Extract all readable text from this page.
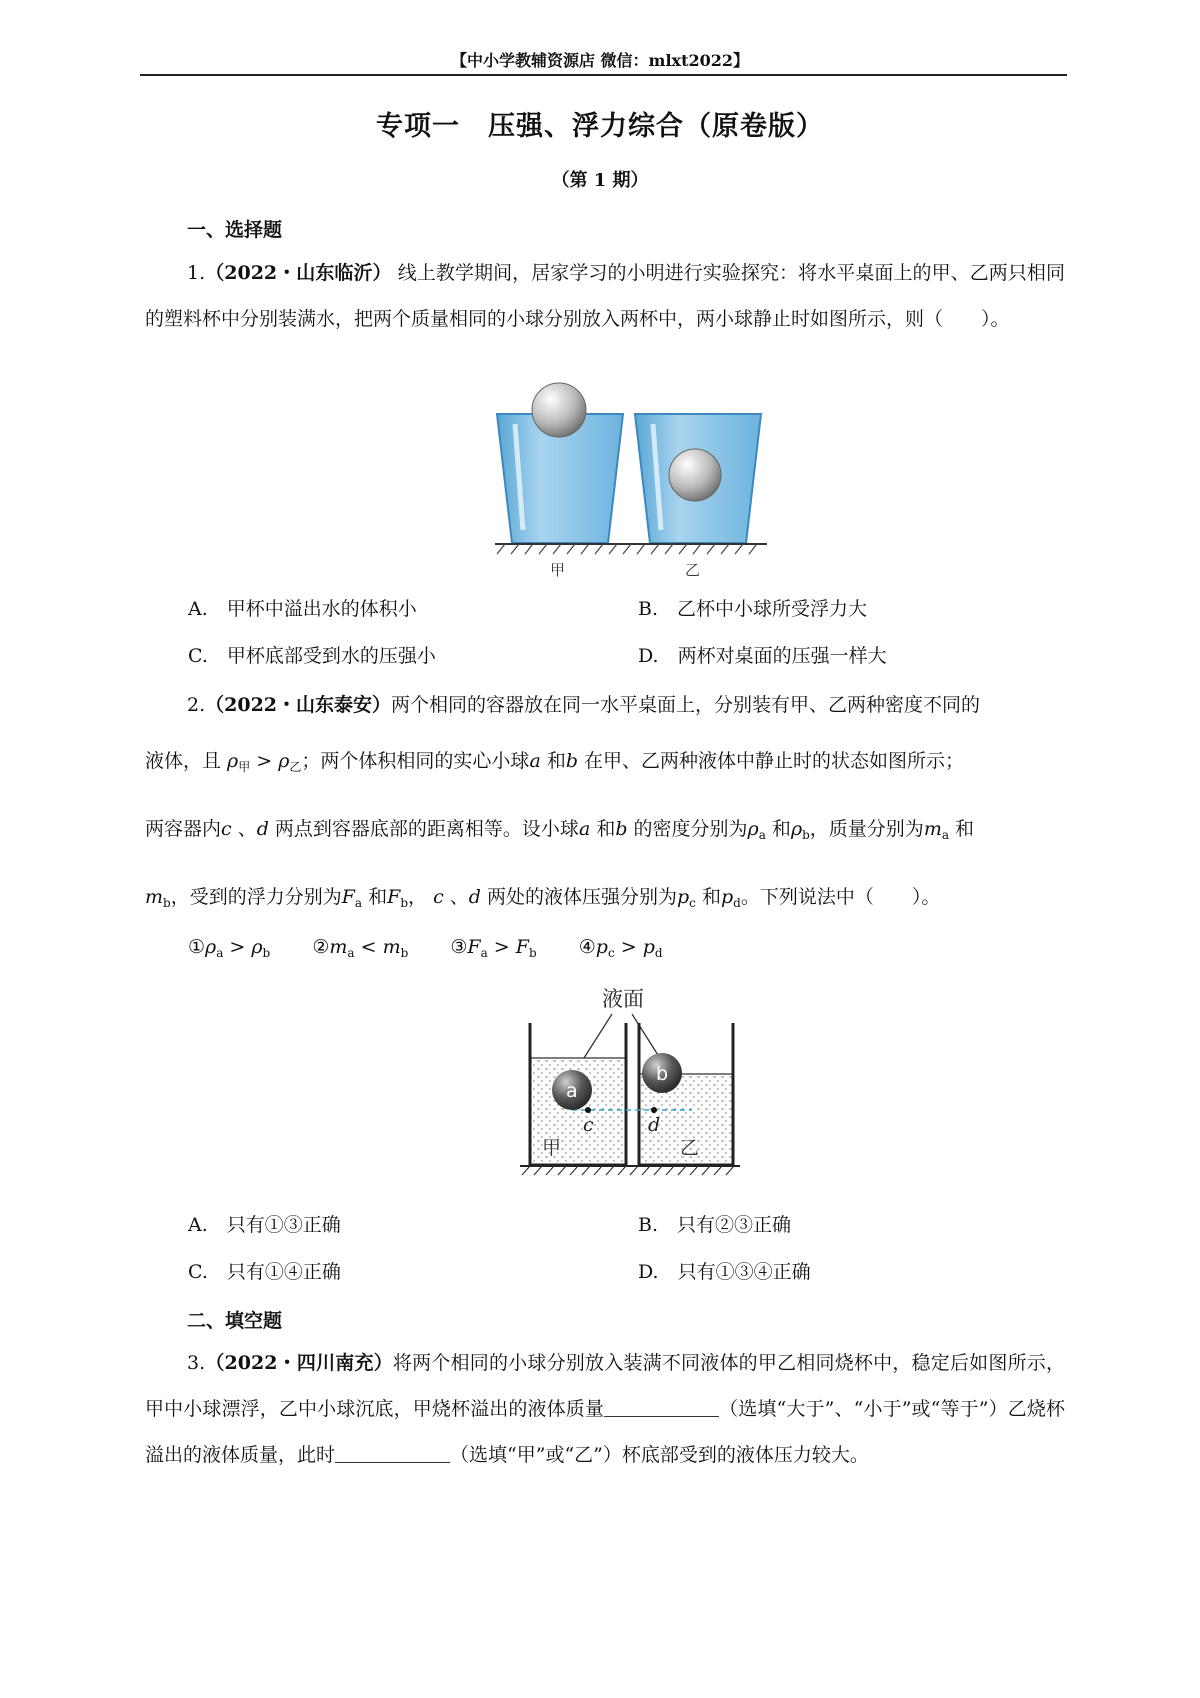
【中小学教辅资源店 微信：mlxt2022】
专项一　压强、浮力综合（原卷版）
（第 1 期）
一、选择题

1.（2022・山东临沂） 线上教学期间，居家学习的小明进行实验探究：将水平桌面上的甲、乙两只相同的塑料杯中分别装满水，把两个质量相同的小球分别放入两杯中，两小球静止时如图所示，则（　　）。

甲	乙
A.　甲杯中溢出水的体积小	B.　乙杯中小球所受浮力大
C.　甲杯底部受到水的压强小	D.　两杯对桌面的压强一样大

2.（2022・山东泰安）两个相同的容器放在同一水平桌面上，分别装有甲、乙两种密度不同的

液体，且 $\rho_甲 > \rho_乙$；两个体积相同的实心小球a 和b 在甲、乙两种液体中静止时的状态如图所示；

两容器内c 、d 两点到容器底部的距离相等。设小球a 和b 的密度分别为$\rho_a$ 和$\rho_b$，质量分别为$m_a$ 和

$m_b$，受到的浮力分别为$F_a$ 和$F_b$， c 、d 两处的液体压强分别为$p_c$ 和$p_d$。下列说法中（　　）。

$①\rho_a > \rho_b$ $②m_a < m_b$ $③F_a > F_b$ $④p_c > p_d$
液面
a
b
c	d
甲	乙
A.　只有①③正确	B.　只有②③正确
C.　只有①④正确	D.　只有①③④正确
二、填空题

3.（2022・四川南充）将两个相同的小球分别放入装满不同液体的甲乙相同烧杯中，稳定后如图所示，甲中小球漂浮，乙中小球沉底，甲烧杯溢出的液体质量	（选填“大于”、“小于”或“等于”）乙烧杯溢出的液体质量，此时	（选填“甲”或“乙”）杯底部受到的液体压力较大。
